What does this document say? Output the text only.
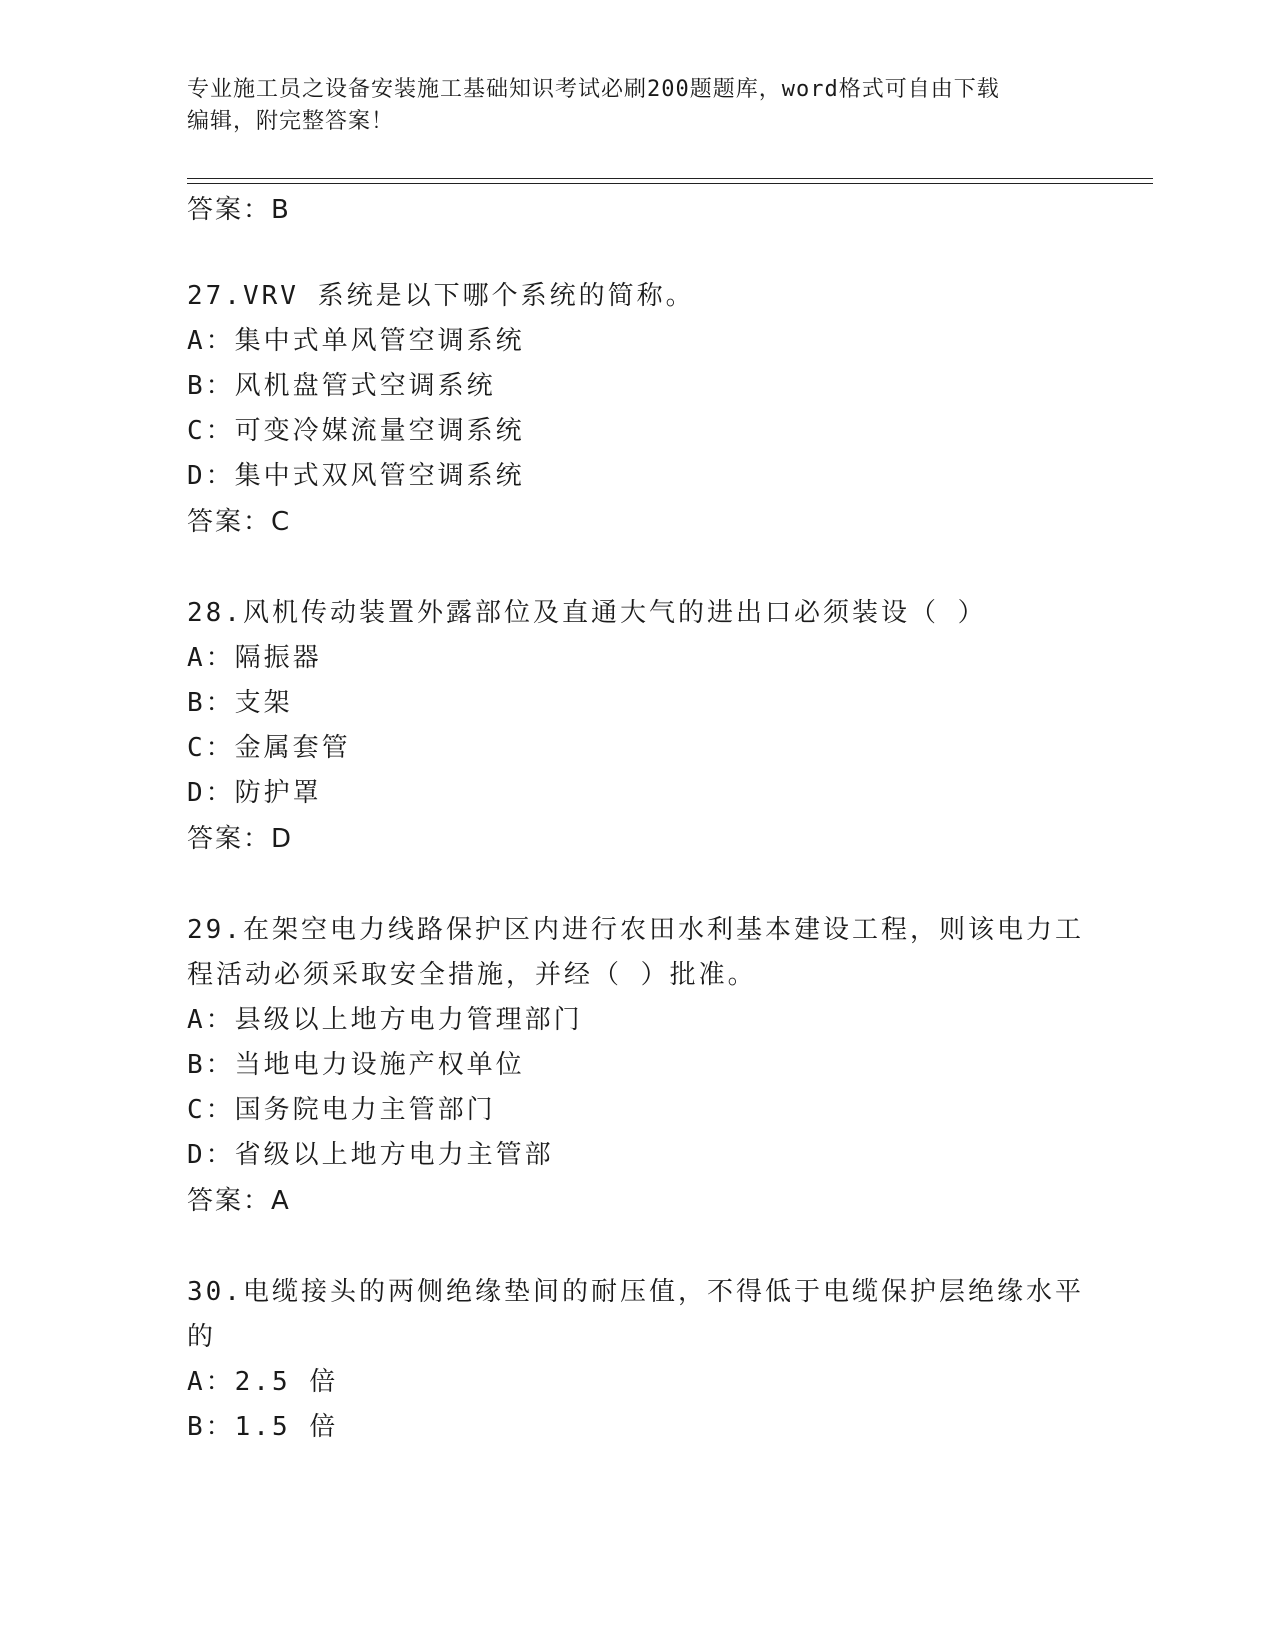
专业施工员之设备安装施工基础知识考试必刷200题题库，word格式可自由下载
编辑，附完整答案！

答案：B

27.VRV 系统是以下哪个系统的简称。

A：集中式单风管空调系统

B：风机盘管式空调系统

C：可变冷媒流量空调系统

D：集中式双风管空调系统

答案：C

28.风机传动装置外露部位及直通大气的进出口必须装设（ ）

A：隔振器

B：支架

C：金属套管

D：防护罩

答案：D

29.在架空电力线路保护区内进行农田水利基本建设工程，则该电力工

程活动必须采取安全措施，并经（ ）批准。

A：县级以上地方电力管理部门

B：当地电力设施产权单位

C：国务院电力主管部门

D：省级以上地方电力主管部

答案：A

30.电缆接头的两侧绝缘垫间的耐压值，不得低于电缆保护层绝缘水平

的

A：2.5 倍

B：1.5 倍
